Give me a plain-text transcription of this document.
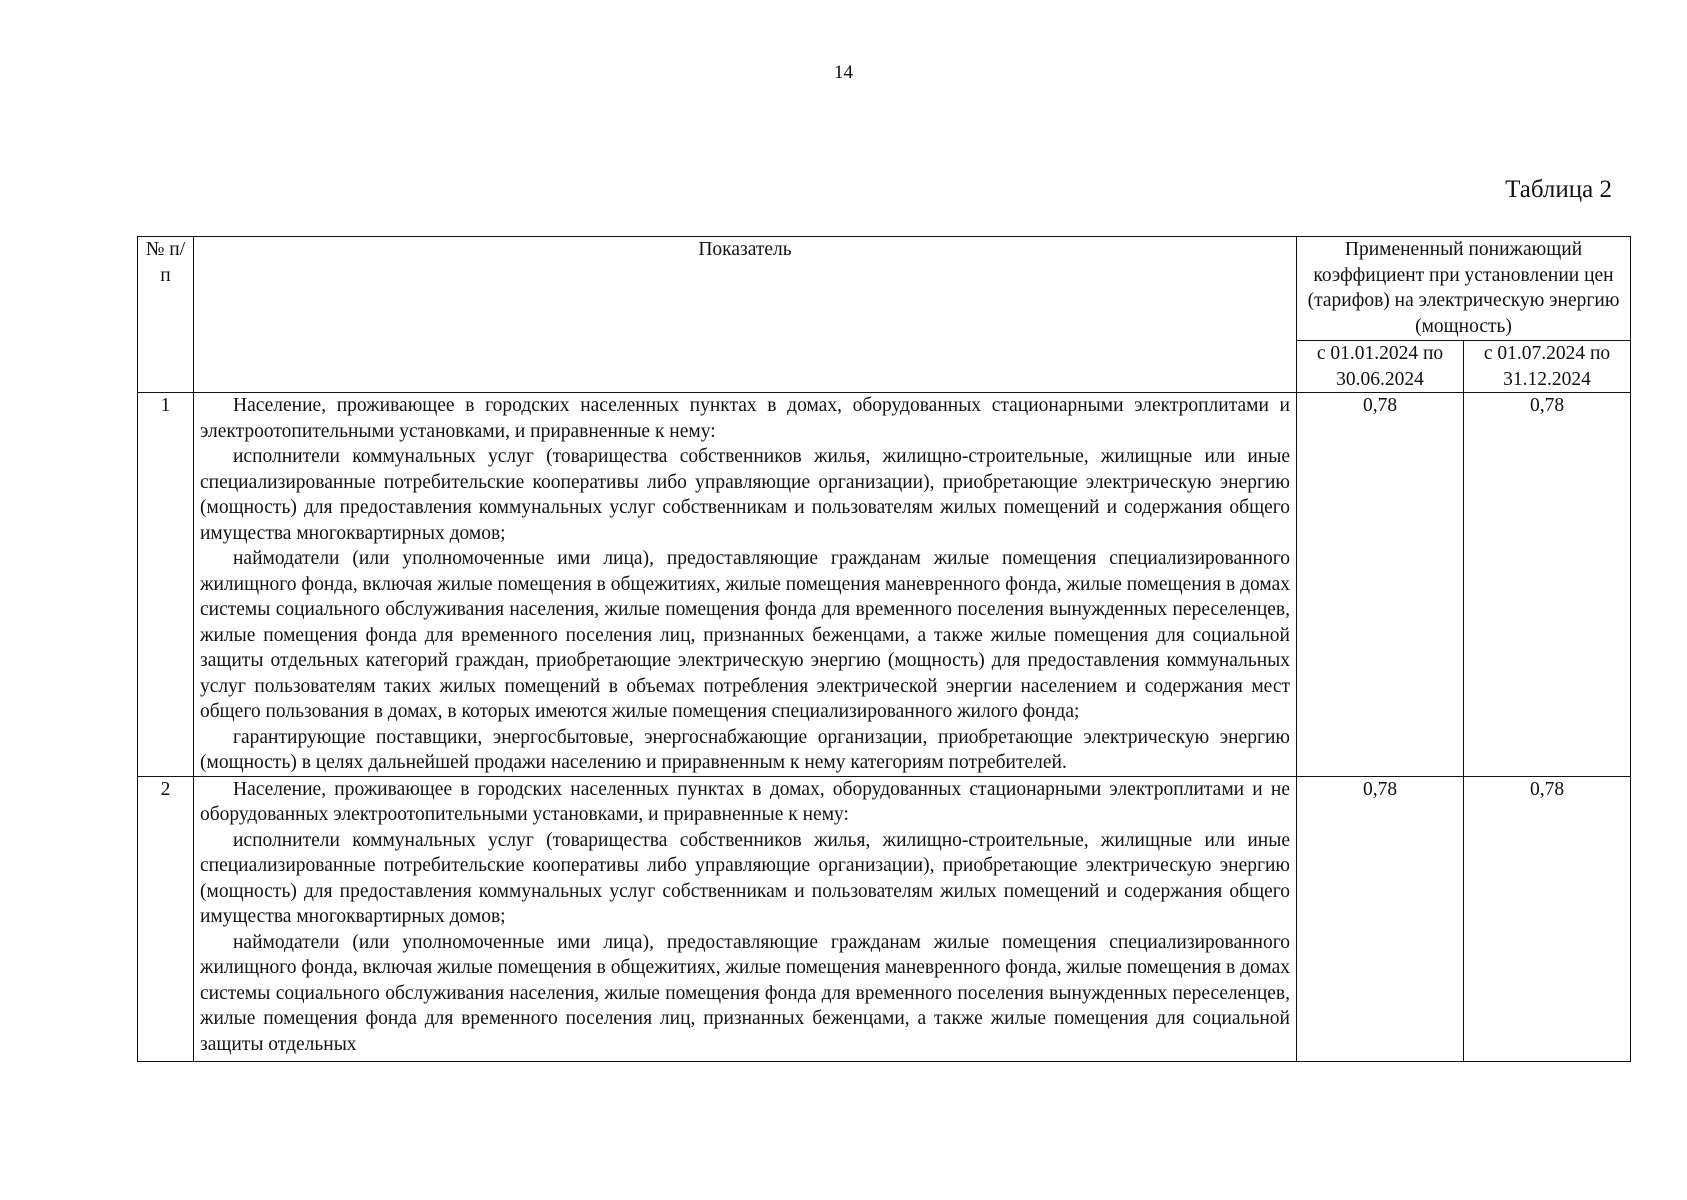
14
Таблица 2
№ п/п	Показатель	Примененный понижающий коэффициент при установлении цен (тарифов) на электрическую энергию (мощность)	
		с 01.01.2024 по 30.06.2024	с 01.07.2024 по 31.12.2024
1	Население, проживающее в городских населенных пунктах в домах, оборудованных стационарными электроплитами и электроотопительными установками, и приравненные к нему:

исполнители коммунальных услуг (товарищества собственников жилья, жилищно-строительные, жилищные или иные специализированные потребительские кооперативы либо управляющие организации), приобретающие электрическую энергию (мощность) для предоставления коммунальных услуг собственникам и пользователям жилых помещений и содержания общего имущества многоквартирных домов;

наймодатели (или уполномоченные ими лица), предоставляющие гражданам жилые помещения специализированного жилищного фонда, включая жилые помещения в общежитиях, жилые помещения маневренного фонда, жилые помещения в домах системы социального обслуживания населения, жилые помещения фонда для временного поселения вынужденных переселенцев, жилые помещения фонда для временного поселения лиц, признанных беженцами, а также жилые помещения для социальной защиты отдельных категорий граждан, приобретающие электрическую энергию (мощность) для предоставления коммунальных услуг пользователям таких жилых помещений в объемах потребления электрической энергии населением и содержания мест общего пользования в домах, в которых имеются жилые помещения специализированного жилого фонда;

гарантирующие поставщики, энергосбытовые, энергоснабжающие организации, приобретающие электрическую энергию (мощность) в целях дальнейшей продажи населению и приравненным к нему категориям потребителей.	0,78	0,78
2	Население, проживающее в городских населенных пунктах в домах, оборудованных стационарными электроплитами и не оборудованных электроотопительными установками, и приравненные к нему:

исполнители коммунальных услуг (товарищества собственников жилья, жилищно-строительные, жилищные или иные специализированные потребительские кооперативы либо управляющие организации), приобретающие электрическую энергию (мощность) для предоставления коммунальных услуг собственникам и пользователям жилых помещений и содержания общего имущества многоквартирных домов;

наймодатели (или уполномоченные ими лица), предоставляющие гражданам жилые помещения специализированного жилищного фонда, включая жилые помещения в общежитиях, жилые помещения маневренного фонда, жилые помещения в домах системы социального обслуживания населения, жилые помещения фонда для временного поселения вынужденных переселенцев, жилые помещения фонда для временного поселения лиц, признанных беженцами, а также жилые помещения для социальной защиты отдельных	0,78	0,78
